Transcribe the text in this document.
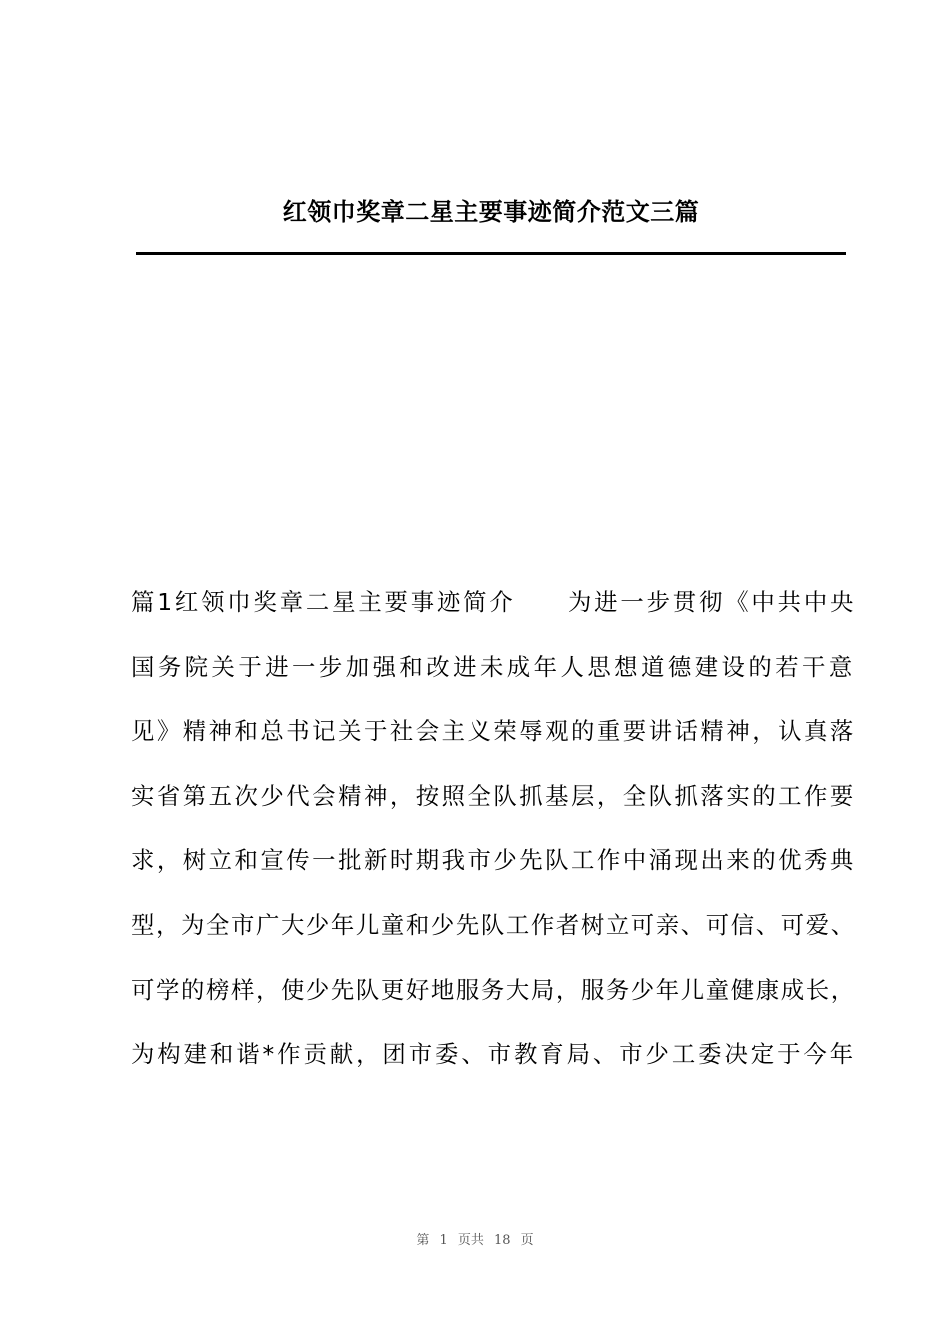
红领巾奖章二星主要事迹简介范文三篇
篇1红领巾奖章二星主要事迹简介　　为进一步贯彻《中共中央
国务院关于进一步加强和改进未成年人思想道德建设的若干意
见》精神和总书记关于社会主义荣辱观的重要讲话精神，认真落
实省第五次少代会精神，按照全队抓基层，全队抓落实的工作要
求，树立和宣传一批新时期我市少先队工作中涌现出来的优秀典
型，为全市广大少年儿童和少先队工作者树立可亲、可信、可爱、
可学的榜样，使少先队更好地服务大局，服务少年儿童健康成长，
为构建和谐*作贡献，团市委、市教育局、市少工委决定于今年
第 1 页共 18 页
